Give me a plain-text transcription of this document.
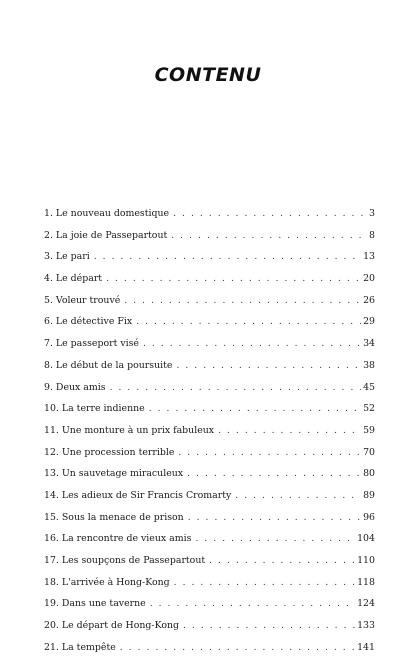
CONTENU
1. Le nouveau domestique . . .	3
2. La joie de Passepartout . . .	8
3. Le pari . . .	13
4. Le départ . . .	20
5. Voleur trouvé . . .	26
6. Le détective Fix . . .	29
7. Le passeport visé . . .	34
8. Le début de la poursuite . . .	38
9. Deux amis . . .	45
10. La terre indienne . . .	52
11. Une monture à un prix fabuleux . . .	59
12. Une procession terrible . . .	70
13. Un sauvetage miraculeux . . .	80
14. Les adieux de Sir Francis Cromarty . . .	89
15. Sous la menace de prison . . .	96
16. La rencontre de vieux amis . . .	104
17. Les soupçons de Passepartout . . .	110
18. L'arrivée à Hong-Kong . . .	118
19. Dans une taverne . . .	124
20. Le départ de Hong-Kong . . .	133
21. La tempête . . .	141
